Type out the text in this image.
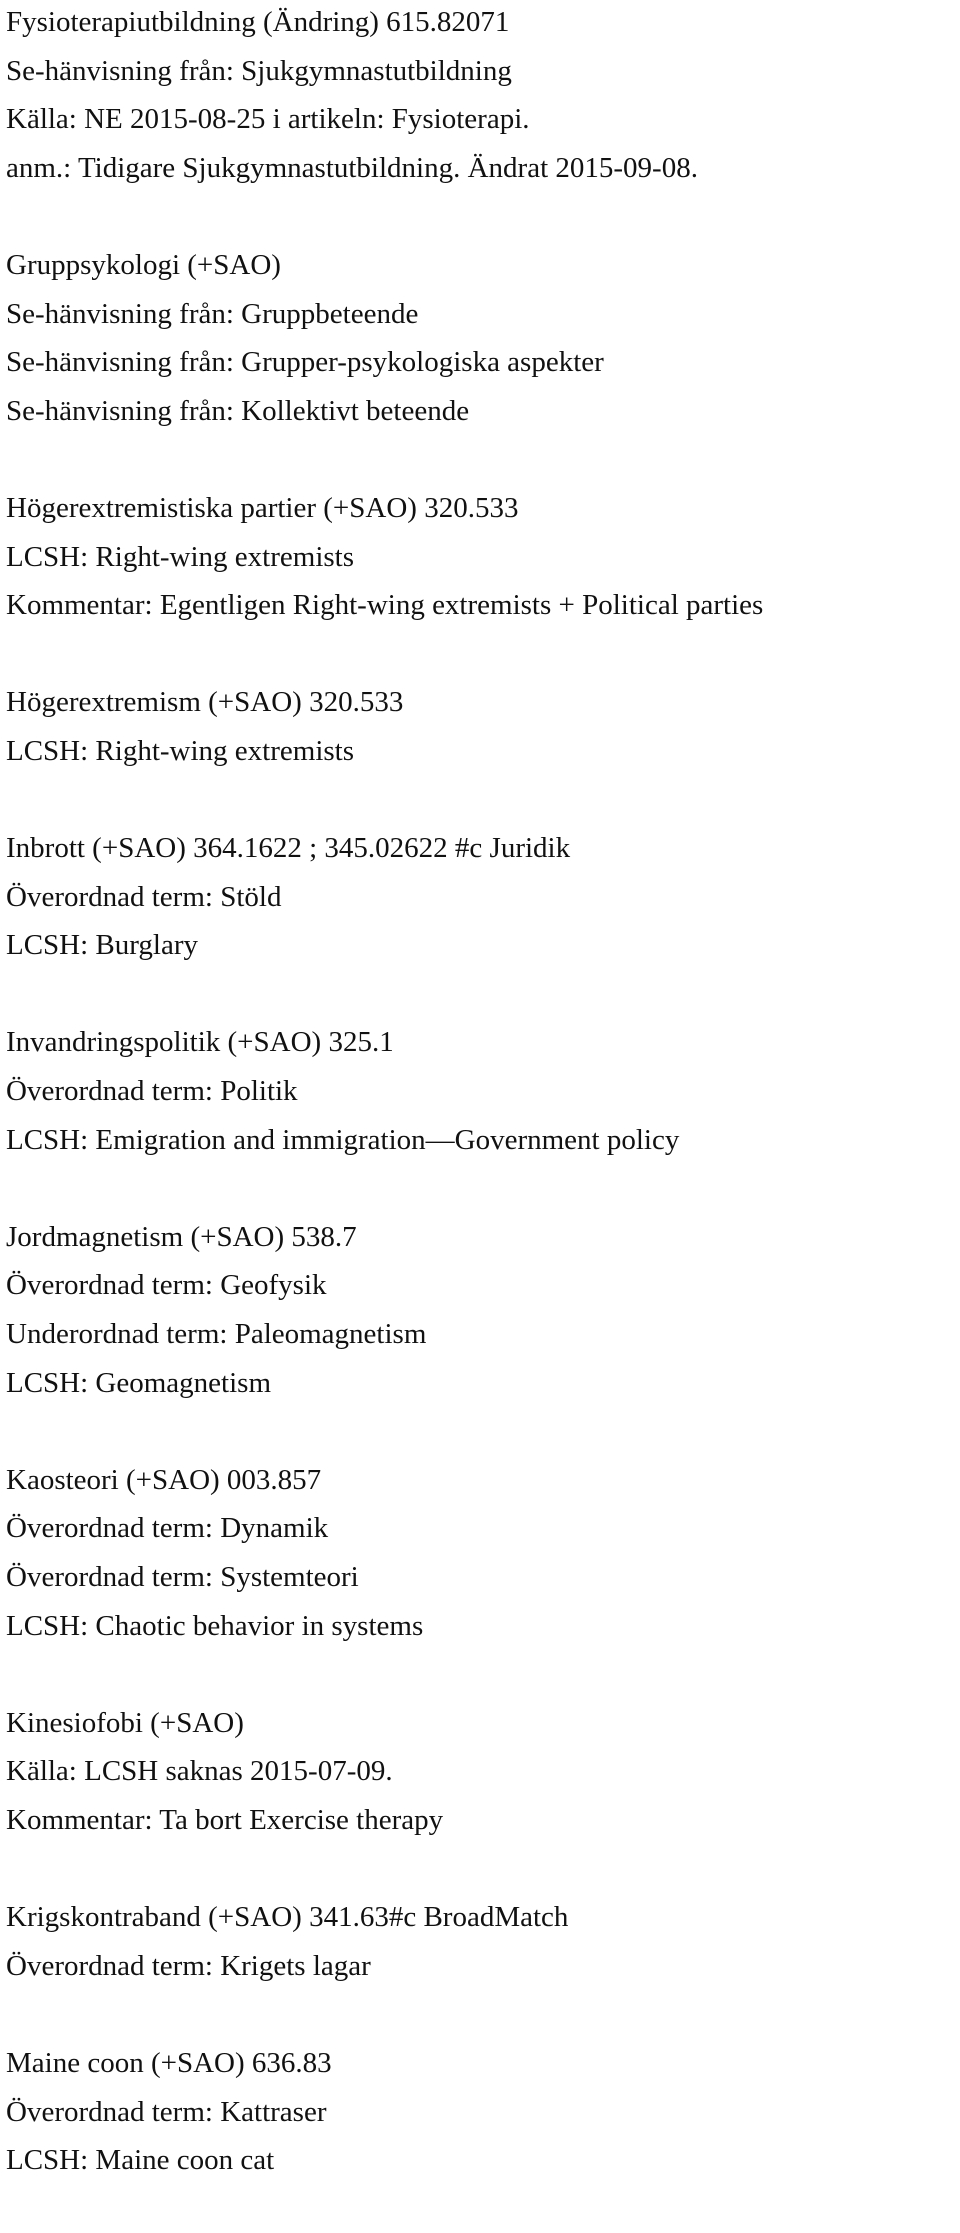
Fysioterapiutbildning (Ändring) 615.82071
Se-hänvisning från: Sjukgymnastutbildning
Källa: NE 2015-08-25 i artikeln: Fysioterapi.
anm.: Tidigare Sjukgymnastutbildning. Ändrat 2015-09-08.
Gruppsykologi (+SAO)
Se-hänvisning från: Gruppbeteende
Se-hänvisning från: Grupper-psykologiska aspekter
Se-hänvisning från: Kollektivt beteende
Högerextremistiska partier (+SAO) 320.533
LCSH: Right-wing extremists
Kommentar: Egentligen Right-wing extremists + Political parties
Högerextremism (+SAO) 320.533
LCSH: Right-wing extremists
Inbrott (+SAO) 364.1622 ; 345.02622 #c Juridik
Överordnad term: Stöld
LCSH: Burglary
Invandringspolitik (+SAO) 325.1
Överordnad term: Politik
LCSH: Emigration and immigration—Government policy
Jordmagnetism (+SAO) 538.7
Överordnad term: Geofysik
Underordnad term: Paleomagnetism
LCSH: Geomagnetism
Kaosteori (+SAO) 003.857
Överordnad term: Dynamik
Överordnad term: Systemteori
LCSH: Chaotic behavior in systems
Kinesiofobi (+SAO)
Källa: LCSH saknas 2015-07-09.
Kommentar: Ta bort Exercise therapy
Krigskontraband (+SAO) 341.63#c BroadMatch
Överordnad term: Krigets lagar
Maine coon (+SAO) 636.83
Överordnad term: Kattraser
LCSH: Maine coon cat
